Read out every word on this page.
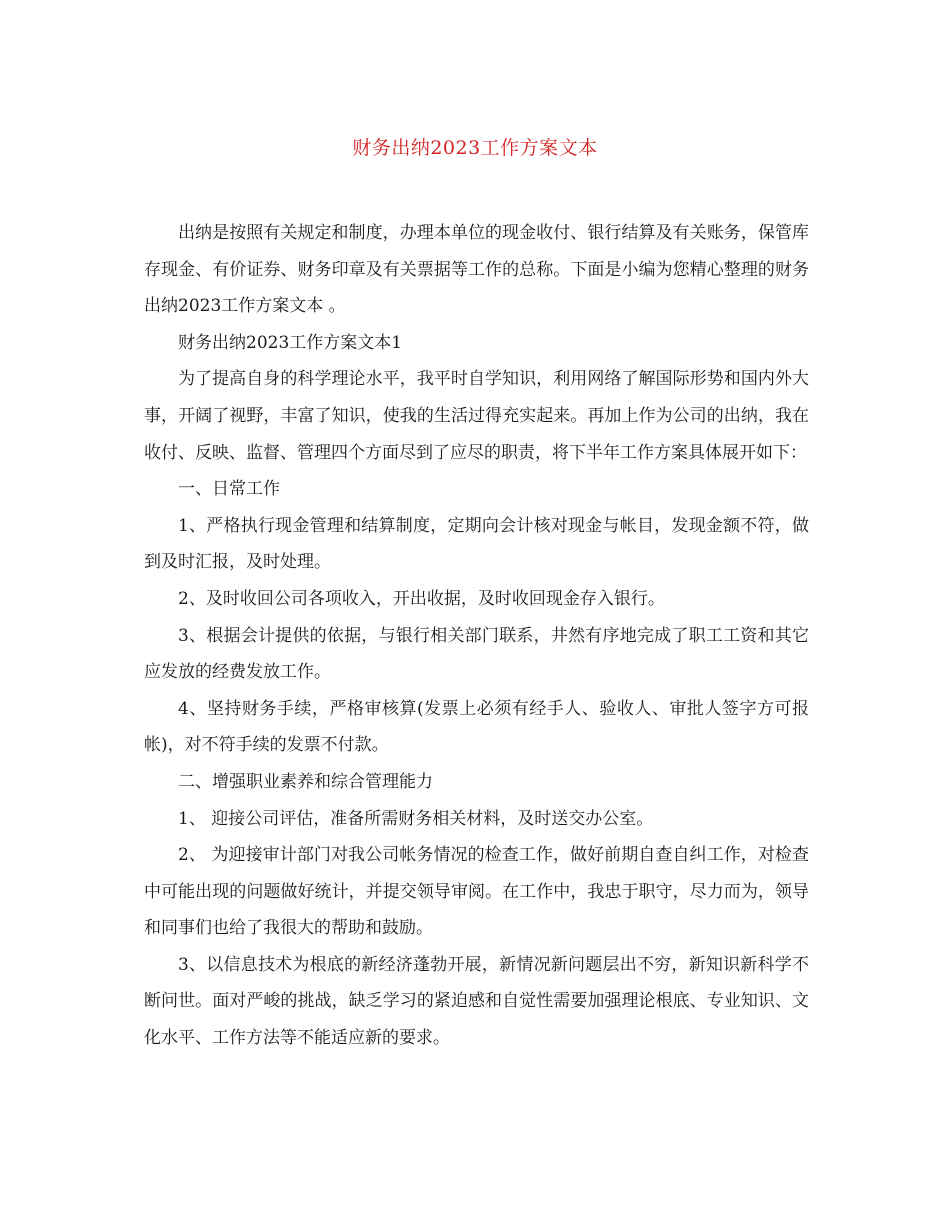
财务出纳2023工作方案文本

出纳是按照有关规定和制度，办理本单位的现金收付、银行结算及有关账务，保管库存现金、有价证券、财务印章及有关票据等工作的总称。下面是小编为您精心整理的财务出纳2023工作方案文本 。

财务出纳2023工作方案文本1

为了提高自身的科学理论水平，我平时自学知识，利用网络了解国际形势和国内外大事，开阔了视野，丰富了知识，使我的生活过得充实起来。再加上作为公司的出纳，我在收付、反映、监督、管理四个方面尽到了应尽的职责，将下半年工作方案具体展开如下：

一、日常工作

1、严格执行现金管理和结算制度，定期向会计核对现金与帐目，发现金额不符，做到及时汇报，及时处理。

2、及时收回公司各项收入，开出收据，及时收回现金存入银行。

3、根据会计提供的依据，与银行相关部门联系，井然有序地完成了职工工资和其它应发放的经费发放工作。

4、坚持财务手续，严格审核算(发票上必须有经手人、验收人、审批人签字方可报帐)，对不符手续的发票不付款。

二、增强职业素养和综合管理能力

1、 迎接公司评估，准备所需财务相关材料，及时送交办公室。

2、 为迎接审计部门对我公司帐务情况的检查工作，做好前期自查自纠工作，对检查中可能出现的问题做好统计，并提交领导审阅。在工作中，我忠于职守，尽力而为，领导和同事们也给了我很大的帮助和鼓励。

3、以信息技术为根底的新经济蓬勃开展，新情况新问题层出不穷，新知识新科学不断问世。面对严峻的挑战，缺乏学习的紧迫感和自觉性需要加强理论根底、专业知识、文化水平、工作方法等不能适应新的要求。
